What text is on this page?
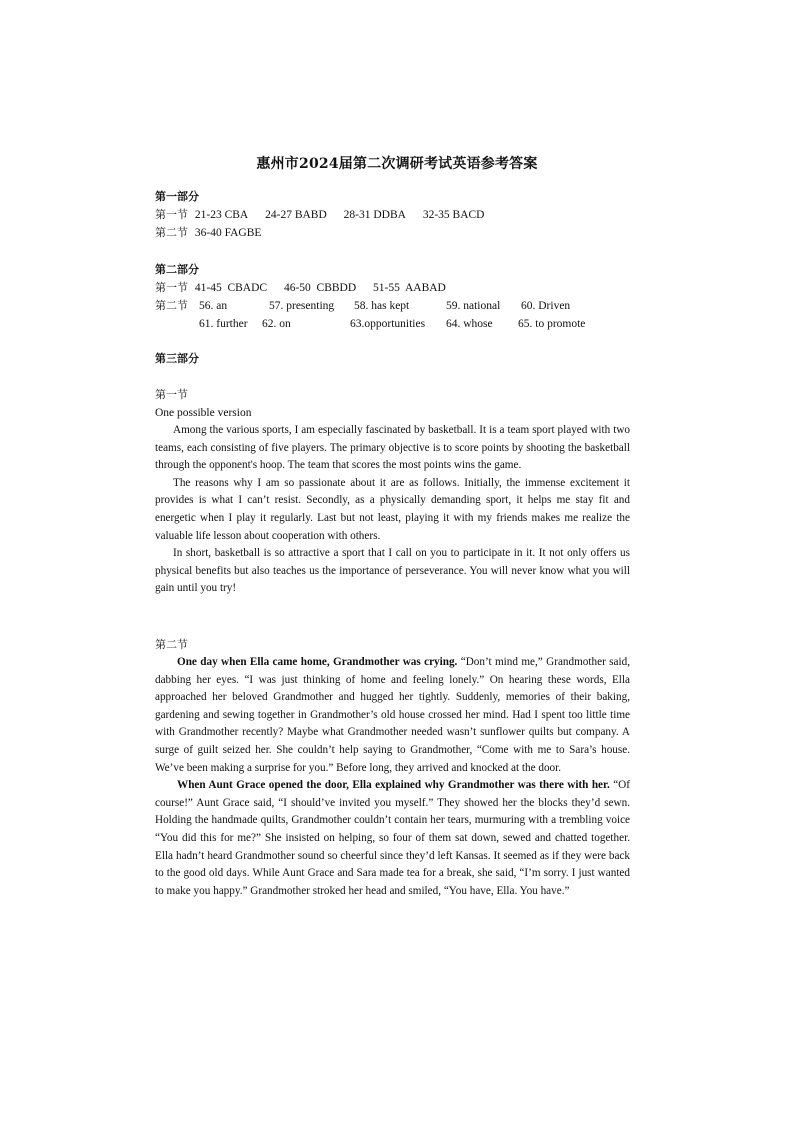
惠州市2024届第二次调研考试英语参考答案
第一部分
第一节 21-23 CBA 24-27 BABD 28-31 DDBA 32-35 BACD
第二节 36-40 FAGBE
第二部分
第一节 41-45  CBADC 46-50  CBBDD 51-55  AABAD
第二节 56. an	57. presenting 58. has kept	59. national 60. Driven
61. further 62. on	63.opportunities 64. whose 65. to promote
第三部分
第一节
One possible version

Among the various sports, I am especially fascinated by basketball. It is a team sport played with two teams, each consisting of five players. The primary objective is to score points by shooting the basketball through the opponent's hoop. The team that scores the most points wins the game.

The reasons why I am so passionate about it are as follows. Initially, the immense excitement it provides is what I can’t resist. Secondly, as a physically demanding sport, it helps me stay fit and energetic when I play it regularly. Last but not least, playing it with my friends makes me realize the valuable life lesson about cooperation with others.

In short, basketball is so attractive a sport that I call on you to participate in it. It not only offers us physical benefits but also teaches us the importance of perseverance. You will never know what you will gain until you try!

第二节

One day when Ella came home, Grandmother was crying. “Don’t mind me,” Grandmother said, dabbing her eyes. “I was just thinking of home and feeling lonely.” On hearing these words, Ella approached her beloved Grandmother and hugged her tightly. Suddenly, memories of their baking, gardening and sewing together in Grandmother’s old house crossed her mind. Had I spent too little time with Grandmother recently? Maybe what Grandmother needed wasn’t sunflower quilts but company. A surge of guilt seized her. She couldn’t help saying to Grandmother, “Come with me to Sara’s house. We’ve been making a surprise for you.” Before long, they arrived and knocked at the door.

When Aunt Grace opened the door, Ella explained why Grandmother was there with her. “Of course!” Aunt Grace said, “I should’ve invited you myself.” They showed her the blocks they’d sewn. Holding the handmade quilts, Grandmother couldn’t contain her tears, murmuring with a trembling voice “You did this for me?” She insisted on helping, so four of them sat down, sewed and chatted together. Ella hadn’t heard Grandmother sound so cheerful since they’d left Kansas. It seemed as if they were back to the good old days. While Aunt Grace and Sara made tea for a break, she said, “I’m sorry. I just wanted to make you happy.” Grandmother stroked her head and smiled, “You have, Ella. You have.”
